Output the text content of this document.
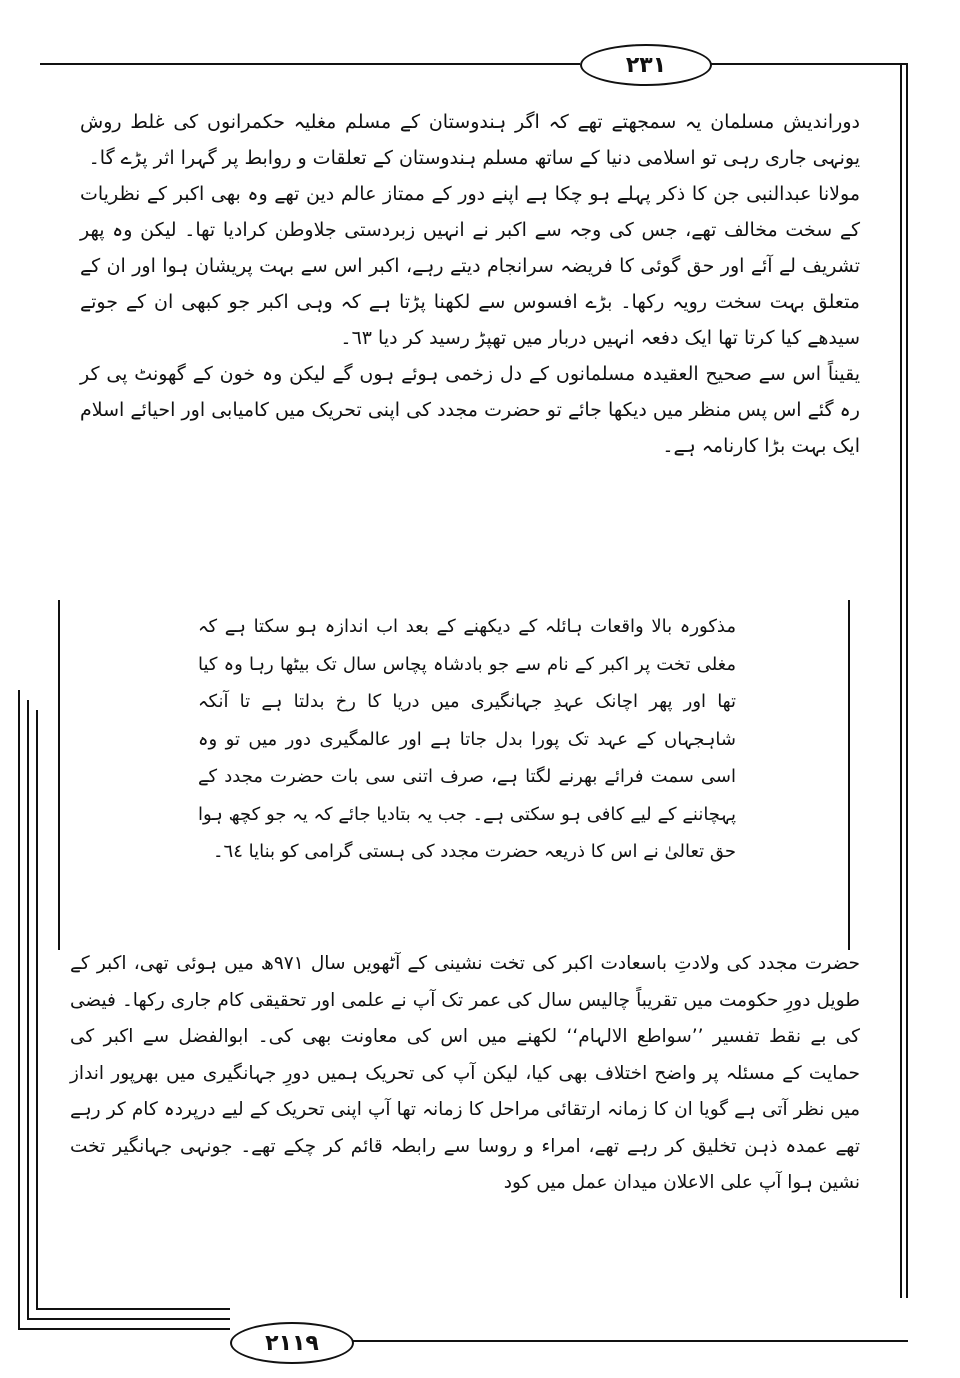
٢٣١
٢١١٩

دوراندیش مسلمان یہ سمجھتے تھے کہ اگر ہندوستان کے مسلم مغلیہ حکمرانوں کی غلط روش یونہی جاری رہی تو اسلامی دنیا کے ساتھ مسلم ہندوستان کے تعلقات و روابط پر گہرا اثر پڑے گا۔

مولانا عبدالنبی جن کا ذکر پہلے ہو چکا ہے اپنے دور کے ممتاز عالم دین تھے وہ بھی اکبر کے نظریات کے سخت مخالف تھے، جس کی وجہ سے اکبر نے انہیں زبردستی جلاوطن کرادیا تھا۔ لیکن وہ پھر تشریف لے آئے اور حق گوئی کا فریضہ سرانجام دیتے رہے، اکبر اس سے بہت پریشان ہوا اور ان کے متعلق بہت سخت رویہ رکھا۔ بڑے افسوس سے لکھنا پڑتا ہے کہ وہی اکبر جو کبھی ان کے جوتے سیدھے کیا کرتا تھا ایک دفعہ انہیں دربار میں تھپڑ رسید کر دیا ٦٣۔

یقیناً اس سے صحیح العقیدہ مسلمانوں کے دل زخمی ہوئے ہوں گے لیکن وہ خون کے گھونٹ پی کر رہ گئے اس پس منظر میں دیکھا جائے تو حضرت مجدد کی اپنی تحریک میں کامیابی اور احیائے اسلام ایک بہت بڑا کارنامہ ہے۔

مذکورہ بالا واقعات ہائلہ کے دیکھنے کے بعد اب اندازہ ہو سکتا ہے کہ مغلی تخت پر اکبر کے نام سے جو بادشاہ پچاس سال تک بیٹھا رہا وہ کیا تھا اور پھر اچانک عہدِ جہانگیری میں دریا کا رخ بدلتا ہے تا آنکہ شاہجہاں کے عہد تک پورا بدل جاتا ہے اور عالمگیری دور میں تو وہ اسی سمت فرائے بھرنے لگتا ہے، صرف اتنی سی بات حضرت مجدد کے پہچاننے کے لیے کافی ہو سکتی ہے۔ جب یہ بتادیا جائے کہ یہ جو کچھ ہوا حق تعالیٰ نے اس کا ذریعہ حضرت مجدد کی ہستی گرامی کو بنایا ٦٤۔

حضرت مجدد کی ولادتِ باسعادت اکبر کی تخت نشینی کے آٹھویں سال ۹۷۱ھ میں ہوئی تھی، اکبر کے طویل دورِ حکومت میں تقریباً چالیس سال کی عمر تک آپ نے علمی اور تحقیقی کام جاری رکھا۔ فیضی کی بے نقط تفسیر ’’سواطع الالہام‘‘ لکھنے میں اس کی معاونت بھی کی۔ ابوالفضل سے اکبر کی حمایت کے مسئلہ پر واضح اختلاف بھی کیا، لیکن آپ کی تحریک ہمیں دورِ جہانگیری میں بھرپور انداز میں نظر آتی ہے گویا ان کا زمانہ ارتقائی مراحل کا زمانہ تھا آپ اپنی تحریک کے لیے درپردہ کام کر رہے تھے عمدہ ذہن تخلیق کر رہے تھے، امراء و روسا سے رابطہ قائم کر چکے تھے۔ جونہی جہانگیر تخت نشین ہوا آپ علی الاعلان میدان عمل میں کود
